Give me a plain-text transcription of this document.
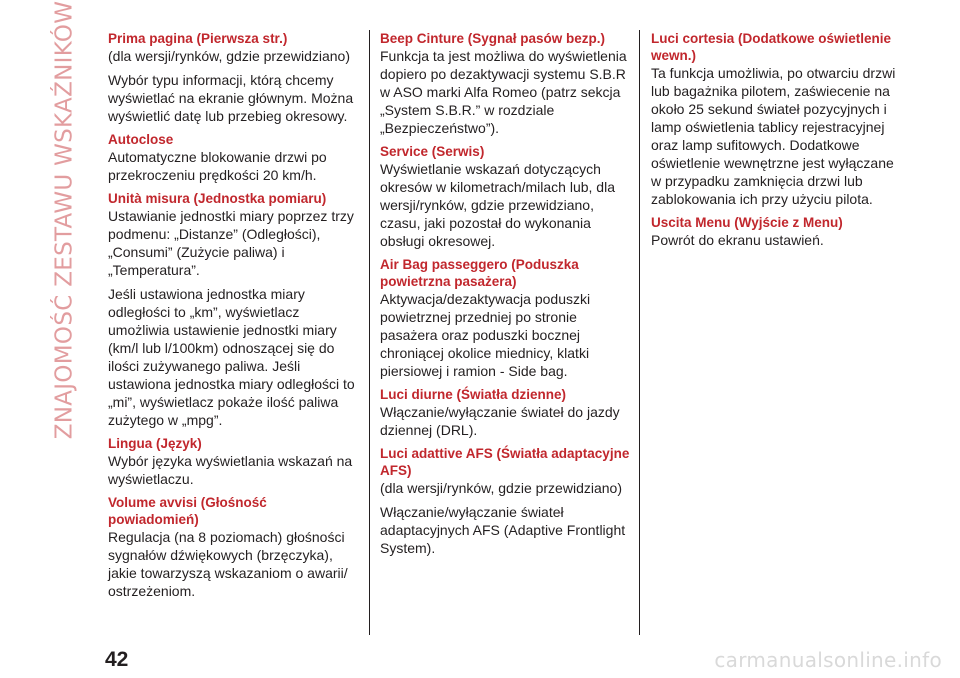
ZNAJOMOŚĆ ZESTAWU WSKAŹNIKÓW Prima pagina (Pierwsza str.)

(dla wersji/rynków, gdzie przewidziano)

Wybór typu informacji, którą chcemy wyświetlać na ekranie głównym. Można wyświetlić datę lub przebieg okresowy.

Autoclose

Automatyczne blokowanie drzwi po przekroczeniu prędkości 20 km/h.

Unità misura (Jednostka pomiaru)

Ustawianie jednostki miary poprzez trzy podmenu: „Distanze” (Odległości), „Consumi” (Zużycie paliwa) i „Temperatura”.

Jeśli ustawiona jednostka miary odległości to „km”, wyświetlacz umożliwia ustawienie jednostki miary (km/l lub l/100km) odnoszącej się do ilości zużywanego paliwa. Jeśli ustawiona jednostka miary odległości to „mi”, wyświetlacz pokaże ilość paliwa zużytego w „mpg”.

Lingua (Język)

Wybór języka wyświetlania wskazań na wyświetlaczu.

Volume avvisi (Głośność powiadomień)

Regulacja (na 8 poziomach) głośności sygnałów dźwiękowych (brzęczyka), jakie towarzyszą wskazaniom o awarii/ ostrzeżeniom.

Beep Cinture (Sygnał pasów bezp.)

Funkcja ta jest możliwa do wyświetlenia dopiero po dezaktywacji systemu S.B.R w ASO marki Alfa Romeo (patrz sekcja „System S.B.R.” w rozdziale „Bezpieczeństwo”).

Service (Serwis)

Wyświetlanie wskazań dotyczących okresów w kilometrach/milach lub, dla wersji/rynków, gdzie przewidziano, czasu, jaki pozostał do wykonania obsługi okresowej.

Air Bag passeggero (Poduszka powietrzna pasażera)

Aktywacja/dezaktywacja poduszki powietrznej przedniej po stronie pasażera oraz poduszki bocznej chroniącej okolice miednicy, klatki piersiowej i ramion - Side bag.

Luci diurne (Światła dzienne)

Włączanie/wyłączanie świateł do jazdy dziennej (DRL).

Luci adattive AFS (Światła adaptacyjne AFS)

(dla wersji/rynków, gdzie przewidziano)

Włączanie/wyłączanie świateł adaptacyjnych AFS (Adaptive Frontlight System).

Luci cortesia (Dodatkowe oświetlenie wewn.)

Ta funkcja umożliwia, po otwarciu drzwi lub bagażnika pilotem, zaświecenie na około 25 sekund świateł pozycyjnych i lamp oświetlenia tablicy rejestracyjnej oraz lamp sufitowych. Dodatkowe oświetlenie wewnętrzne jest wyłączane w przypadku zamknięcia drzwi lub zablokowania ich przy użyciu pilota.

Uscita Menu (Wyjście z Menu)

Powrót do ekranu ustawień.

42	carmanualsonline.info
